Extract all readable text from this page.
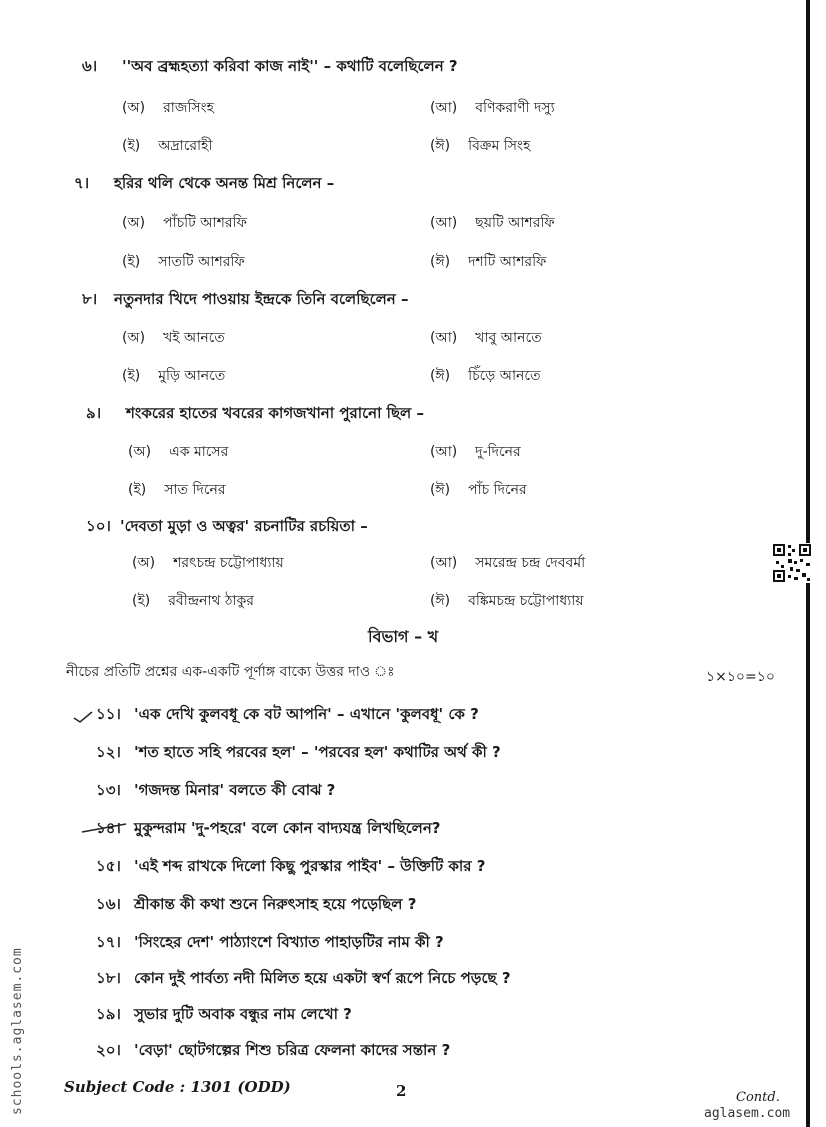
৬। ''অব ব্রহ্মহত্যা করিবা কাজ নাই'' – কথাটি বলেছিলেন ?
(অ) রাজসিংহ	(আ) বণিকরাণী দস্যু
(ই) অদ্রারোহী	(ঈ) বিক্রম সিংহ
৭। হরির থলি থেকে অনন্ত মিশ্র নিলেন –
(অ) পাঁচটি আশরফি	(আ) ছয়টি আশরফি
(ই) সাতটি আশরফি	(ঈ) দশটি আশরফি
৮। নতুনদার খিদে পাওয়ায় ইন্দ্রকে তিনি বলেছিলেন –
(অ) খই আনতে	(আ) খাবু আনতে
(ই) মুড়ি আনতে	(ঈ) চিঁড়ে আনতে
৯। শংকরের হাতের খবরের কাগজখানা পুরানো ছিল –
(অ) এক মাসের	(আ) দু-দিনের
(ই) সাত দিনের	(ঈ) পাঁচ দিনের
১০। 'দেবতা মুড়া ও অত্বর' রচনাটির রচয়িতা –
(অ) শরৎচন্দ্র চট্টোপাধ্যায়	(আ) সমরেন্দ্র চন্দ্র দেববর্মা
(ই) রবীন্দ্রনাথ ঠাকুর	(ঈ) বঙ্কিমচন্দ্র চট্টোপাধ্যায়
বিভাগ – খ
নীচের প্রতিটি প্রশ্নের এক-একটি পূর্ণাঙ্গ বাক্যে উত্তর দাও ঃ	১×১০=১০
১১। 'এক দেখি কুলবধূ কে বট আপনি' – এখানে 'কুলবধূ' কে ?
১২। 'শত হাতে সহি পরবের হল' – 'পরবের হল' কথাটির অর্থ কী ?
১৩। 'গজদন্ত মিনার' বলতে কী বোঝ ?
১৪। মুকুন্দরাম 'দু-পহরে' বলে কোন বাদ্যযন্ত্র লিখছিলেন?
১৫। 'এই শব্দ রাখকে দিলো কিছু পুরস্কার পাইব' – উক্তিটি কার ?
১৬। শ্রীকান্ত কী কথা শুনে নিরুৎসাহ হয়ে পড়েছিল ?
১৭। 'সিংহের দেশ' পাঠ্যাংশে বিখ্যাত পাহাড়টির নাম কী ?
১৮। কোন দুই পার্বত্য নদী মিলিত হয়ে একটা স্বর্ণ রূপে নিচে পড়ছে ?
১৯। সুভার দুটি অবাক বন্ধুর নাম লেখো ?
২০। 'বেড়া' ছোটগল্পের শিশু চরিত্র ফেলনা কাদের সন্তান ?
Subject Code : 1301 (ODD)	2	Contd.
aglasem.com
schools.aglasem.com
